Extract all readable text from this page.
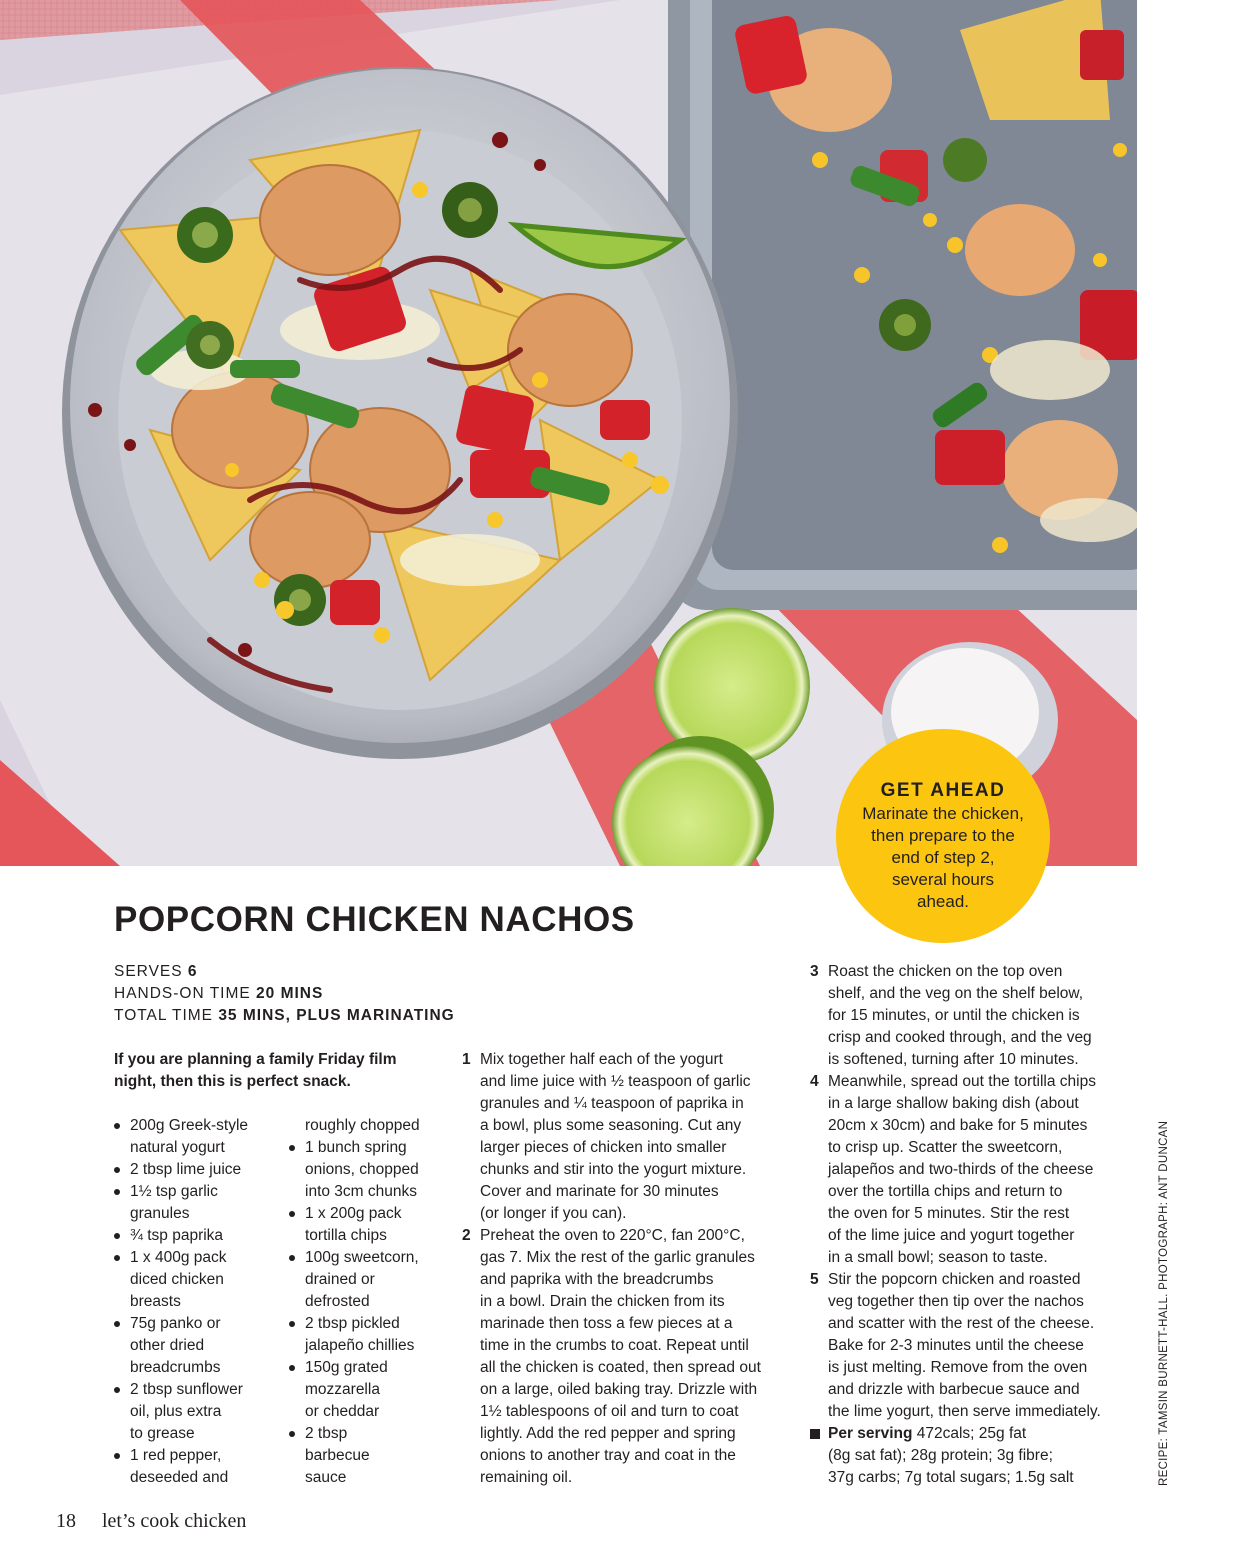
GET AHEAD
Marinate the chicken,
then prepare to the
end of step 2,
several hours
ahead.
POPCORN CHICKEN NACHOS
SERVES 6
HANDS-ON TIME 20 MINS
TOTAL TIME 35 MINS, PLUS MARINATING
If you are planning a family Friday film
night, then this is perfect snack.
200g Greek-style
natural yogurt
2 tbsp lime juice
1½ tsp garlic
granules
¾ tsp paprika
1 x 400g pack
diced chicken
breasts
75g panko or
other dried
breadcrumbs
2 tbsp sunflower
oil, plus extra
to grease
1 red pepper,
deseeded and
roughly chopped
1 bunch spring
onions, chopped
into 3cm chunks
1 x 200g pack
tortilla chips
100g sweetcorn,
drained or
defrosted
2 tbsp pickled
jalapeño chillies
150g grated
mozzarella
or cheddar
2 tbsp
barbecue
sauce
1 Mix together half each of the yogurt
and lime juice with ½ teaspoon of garlic
granules and ¼ teaspoon of paprika in
a bowl, plus some seasoning. Cut any
larger pieces of chicken into smaller
chunks and stir into the yogurt mixture.
Cover and marinate for 30 minutes
(or longer if you can).
2 Preheat the oven to 220°C, fan 200°C,
gas 7. Mix the rest of the garlic granules
and paprika with the breadcrumbs
in a bowl. Drain the chicken from its
marinade then toss a few pieces at a
time in the crumbs to coat. Repeat until
all the chicken is coated, then spread out
on a large, oiled baking tray. Drizzle with
1½ tablespoons of oil and turn to coat
lightly. Add the red pepper and spring
onions to another tray and coat in the
remaining oil.
3 Roast the chicken on the top oven
shelf, and the veg on the shelf below,
for 15 minutes, or until the chicken is
crisp and cooked through, and the veg
is softened, turning after 10 minutes.
4 Meanwhile, spread out the tortilla chips
in a large shallow baking dish (about
20cm x 30cm) and bake for 5 minutes
to crisp up. Scatter the sweetcorn,
jalapeños and two-thirds of the cheese
over the tortilla chips and return to
the oven for 5 minutes. Stir the rest
of the lime juice and yogurt together
in a small bowl; season to taste.
5 Stir the popcorn chicken and roasted
veg together then tip over the nachos
and scatter with the rest of the cheese.
Bake for 2-3 minutes until the cheese
is just melting. Remove from the oven
and drizzle with barbecue sauce and
the lime yogurt, then serve immediately.
Per serving 472cals; 25g fat
(8g sat fat); 28g protein; 3g fibre;
37g carbs; 7g total sugars; 1.5g salt	RECIPE: TAMSIN BURNETT-HALL. PHOTOGRAPH: ANT DUNCAN
18 let’s cook chicken
